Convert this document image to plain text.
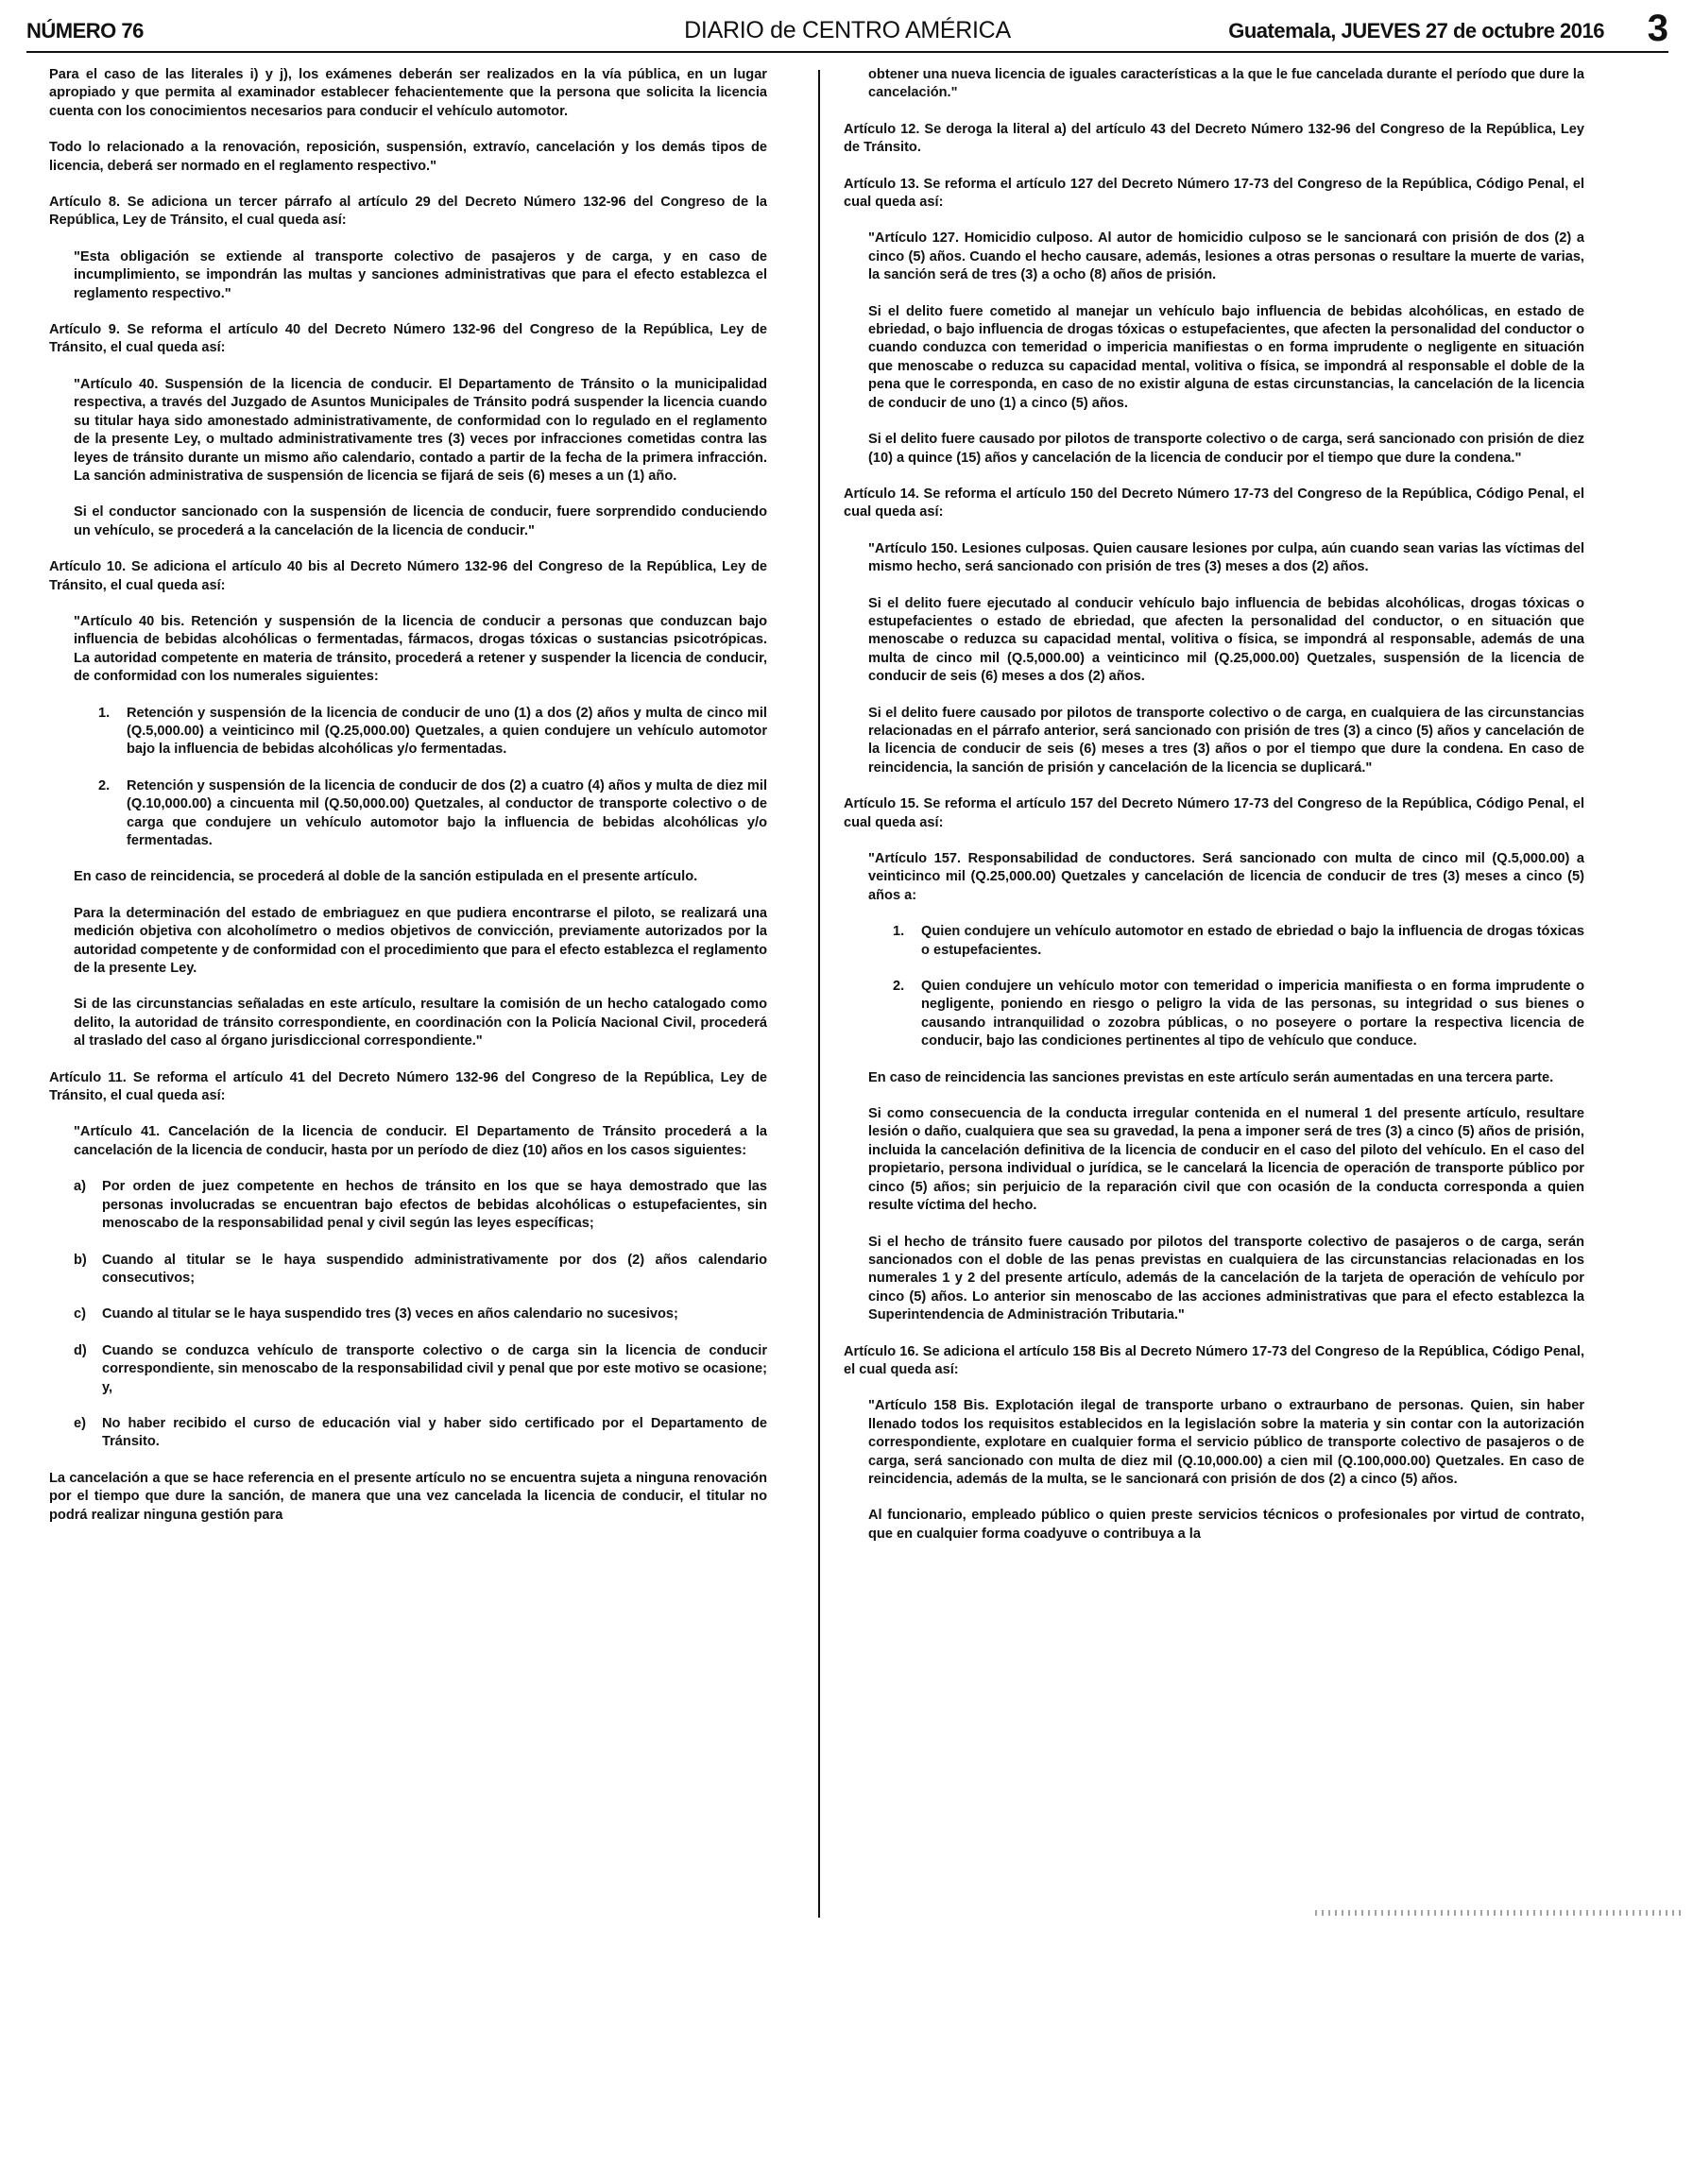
NÚMERO 76	DIARIO de CENTRO AMÉRICA	Guatemala, JUEVES 27 de octubre 2016 3

Para el caso de las literales i) y j), los exámenes deberán ser realizados en la vía pública, en un lugar apropiado y que permita al examinador establecer fehacientemente que la persona que solicita la licencia cuenta con los conocimientos necesarios para conducir el vehículo automotor.

Todo lo relacionado a la renovación, reposición, suspensión, extravío, cancelación y los demás tipos de licencia, deberá ser normado en el reglamento respectivo."

Artículo 8. Se adiciona un tercer párrafo al artículo 29 del Decreto Número 132-96 del Congreso de la República, Ley de Tránsito, el cual queda así:

"Esta obligación se extiende al transporte colectivo de pasajeros y de carga, y en caso de incumplimiento, se impondrán las multas y sanciones administrativas que para el efecto establezca el reglamento respectivo."

Artículo 9. Se reforma el artículo 40 del Decreto Número 132-96 del Congreso de la República, Ley de Tránsito, el cual queda así:

"Artículo 40. Suspensión de la licencia de conducir. El Departamento de Tránsito o la municipalidad respectiva, a través del Juzgado de Asuntos Municipales de Tránsito podrá suspender la licencia cuando su titular haya sido amonestado administrativamente, de conformidad con lo regulado en el reglamento de la presente Ley, o multado administrativamente tres (3) veces por infracciones cometidas contra las leyes de tránsito durante un mismo año calendario, contado a partir de la fecha de la primera infracción. La sanción administrativa de suspensión de licencia se fijará de seis (6) meses a un (1) año.

Si el conductor sancionado con la suspensión de licencia de conducir, fuere sorprendido conduciendo un vehículo, se procederá a la cancelación de la licencia de conducir."

Artículo 10. Se adiciona el artículo 40 bis al Decreto Número 132-96 del Congreso de la República, Ley de Tránsito, el cual queda así:

"Artículo 40 bis. Retención y suspensión de la licencia de conducir a personas que conduzcan bajo influencia de bebidas alcohólicas o fermentadas, fármacos, drogas tóxicas o sustancias psicotrópicas. La autoridad competente en materia de tránsito, procederá a retener y suspender la licencia de conducir, de conformidad con los numerales siguientes:

1.	Retención y suspensión de la licencia de conducir de uno (1) a dos (2) años y multa de cinco mil (Q.5,000.00) a veinticinco mil (Q.25,000.00) Quetzales, a quien condujere un vehículo automotor bajo la influencia de bebidas alcohólicas y/o fermentadas.
2.	Retención y suspensión de la licencia de conducir de dos (2) a cuatro (4) años y multa de diez mil (Q.10,000.00) a cincuenta mil (Q.50,000.00) Quetzales, al conductor de transporte colectivo o de carga que condujere un vehículo automotor bajo la influencia de bebidas alcohólicas y/o fermentadas.

En caso de reincidencia, se procederá al doble de la sanción estipulada en el presente artículo.

Para la determinación del estado de embriaguez en que pudiera encontrarse el piloto, se realizará una medición objetiva con alcoholímetro o medios objetivos de convicción, previamente autorizados por la autoridad competente y de conformidad con el procedimiento que para el efecto establezca el reglamento de la presente Ley.

Si de las circunstancias señaladas en este artículo, resultare la comisión de un hecho catalogado como delito, la autoridad de tránsito correspondiente, en coordinación con la Policía Nacional Civil, procederá al traslado del caso al órgano jurisdiccional correspondiente."

Artículo 11. Se reforma el artículo 41 del Decreto Número 132-96 del Congreso de la República, Ley de Tránsito, el cual queda así:

"Artículo 41. Cancelación de la licencia de conducir. El Departamento de Tránsito procederá a la cancelación de la licencia de conducir, hasta por un período de diez (10) años en los casos siguientes:

a)	Por orden de juez competente en hechos de tránsito en los que se haya demostrado que las personas involucradas se encuentran bajo efectos de bebidas alcohólicas o estupefacientes, sin menoscabo de la responsabilidad penal y civil según las leyes específicas;
b)	Cuando al titular se le haya suspendido administrativamente por dos (2) años calendario consecutivos;
c)	Cuando al titular se le haya suspendido tres (3) veces en años calendario no sucesivos;
d)	Cuando se conduzca vehículo de transporte colectivo o de carga sin la licencia de conducir correspondiente, sin menoscabo de la responsabilidad civil y penal que por este motivo se ocasione; y,
e)	No haber recibido el curso de educación vial y haber sido certificado por el Departamento de Tránsito.

La cancelación a que se hace referencia en el presente artículo no se encuentra sujeta a ninguna renovación por el tiempo que dure la sanción, de manera que una vez cancelada la licencia de conducir, el titular no podrá realizar ninguna gestión para

obtener una nueva licencia de iguales características a la que le fue cancelada durante el período que dure la cancelación."

Artículo 12. Se deroga la literal a) del artículo 43 del Decreto Número 132-96 del Congreso de la República, Ley de Tránsito.

Artículo 13. Se reforma el artículo 127 del Decreto Número 17-73 del Congreso de la República, Código Penal, el cual queda así:

"Artículo 127. Homicidio culposo. Al autor de homicidio culposo se le sancionará con prisión de dos (2) a cinco (5) años. Cuando el hecho causare, además, lesiones a otras personas o resultare la muerte de varias, la sanción será de tres (3) a ocho (8) años de prisión.

Si el delito fuere cometido al manejar un vehículo bajo influencia de bebidas alcohólicas, en estado de ebriedad, o bajo influencia de drogas tóxicas o estupefacientes, que afecten la personalidad del conductor o cuando conduzca con temeridad o impericia manifiestas o en forma imprudente o negligente en situación que menoscabe o reduzca su capacidad mental, volitiva o física, se impondrá al responsable el doble de la pena que le corresponda, en caso de no existir alguna de estas circunstancias, la cancelación de la licencia de conducir de uno (1) a cinco (5) años.

Si el delito fuere causado por pilotos de transporte colectivo o de carga, será sancionado con prisión de diez (10) a quince (15) años y cancelación de la licencia de conducir por el tiempo que dure la condena."

Artículo 14. Se reforma el artículo 150 del Decreto Número 17-73 del Congreso de la República, Código Penal, el cual queda así:

"Artículo 150. Lesiones culposas. Quien causare lesiones por culpa, aún cuando sean varias las víctimas del mismo hecho, será sancionado con prisión de tres (3) meses a dos (2) años.

Si el delito fuere ejecutado al conducir vehículo bajo influencia de bebidas alcohólicas, drogas tóxicas o estupefacientes o estado de ebriedad, que afecten la personalidad del conductor, o en situación que menoscabe o reduzca su capacidad mental, volitiva o física, se impondrá al responsable, además de una multa de cinco mil (Q.5,000.00) a veinticinco mil (Q.25,000.00) Quetzales, suspensión de la licencia de conducir de seis (6) meses a dos (2) años.

Si el delito fuere causado por pilotos de transporte colectivo o de carga, en cualquiera de las circunstancias relacionadas en el párrafo anterior, será sancionado con prisión de tres (3) a cinco (5) años y cancelación de la licencia de conducir de seis (6) meses a tres (3) años o por el tiempo que dure la condena. En caso de reincidencia, la sanción de prisión y cancelación de la licencia se duplicará."

Artículo 15. Se reforma el artículo 157 del Decreto Número 17-73 del Congreso de la República, Código Penal, el cual queda así:

"Artículo 157. Responsabilidad de conductores. Será sancionado con multa de cinco mil (Q.5,000.00) a veinticinco mil (Q.25,000.00) Quetzales y cancelación de licencia de conducir de tres (3) meses a cinco (5) años a:

1.	Quien condujere un vehículo automotor en estado de ebriedad o bajo la influencia de drogas tóxicas o estupefacientes.
2.	Quien condujere un vehículo motor con temeridad o impericia manifiesta o en forma imprudente o negligente, poniendo en riesgo o peligro la vida de las personas, su integridad o sus bienes o causando intranquilidad o zozobra públicas, o no poseyere o portare la respectiva licencia de conducir, bajo las condiciones pertinentes al tipo de vehículo que conduce.

En caso de reincidencia las sanciones previstas en este artículo serán aumentadas en una tercera parte.

Si como consecuencia de la conducta irregular contenida en el numeral 1 del presente artículo, resultare lesión o daño, cualquiera que sea su gravedad, la pena a imponer será de tres (3) a cinco (5) años de prisión, incluida la cancelación definitiva de la licencia de conducir en el caso del piloto del vehículo. En el caso del propietario, persona individual o jurídica, se le cancelará la licencia de operación de transporte público por cinco (5) años; sin perjuicio de la reparación civil que con ocasión de la conducta corresponda a quien resulte víctima del hecho.

Si el hecho de tránsito fuere causado por pilotos del transporte colectivo de pasajeros o de carga, serán sancionados con el doble de las penas previstas en cualquiera de las circunstancias relacionadas en los numerales 1 y 2 del presente artículo, además de la cancelación de la tarjeta de operación de vehículo por cinco (5) años. Lo anterior sin menoscabo de las acciones administrativas que para el efecto establezca la Superintendencia de Administración Tributaria."

Artículo 16. Se adiciona el artículo 158 Bis al Decreto Número 17-73 del Congreso de la República, Código Penal, el cual queda así:

"Artículo 158 Bis. Explotación ilegal de transporte urbano o extraurbano de personas. Quien, sin haber llenado todos los requisitos establecidos en la legislación sobre la materia y sin contar con la autorización correspondiente, explotare en cualquier forma el servicio público de transporte colectivo de pasajeros o de carga, será sancionado con multa de diez mil (Q.10,000.00) a cien mil (Q.100,000.00) Quetzales. En caso de reincidencia, además de la multa, se le sancionará con prisión de dos (2) a cinco (5) años.

Al funcionario, empleado público o quien preste servicios técnicos o profesionales por virtud de contrato, que en cualquier forma coadyuve o contribuya a la
